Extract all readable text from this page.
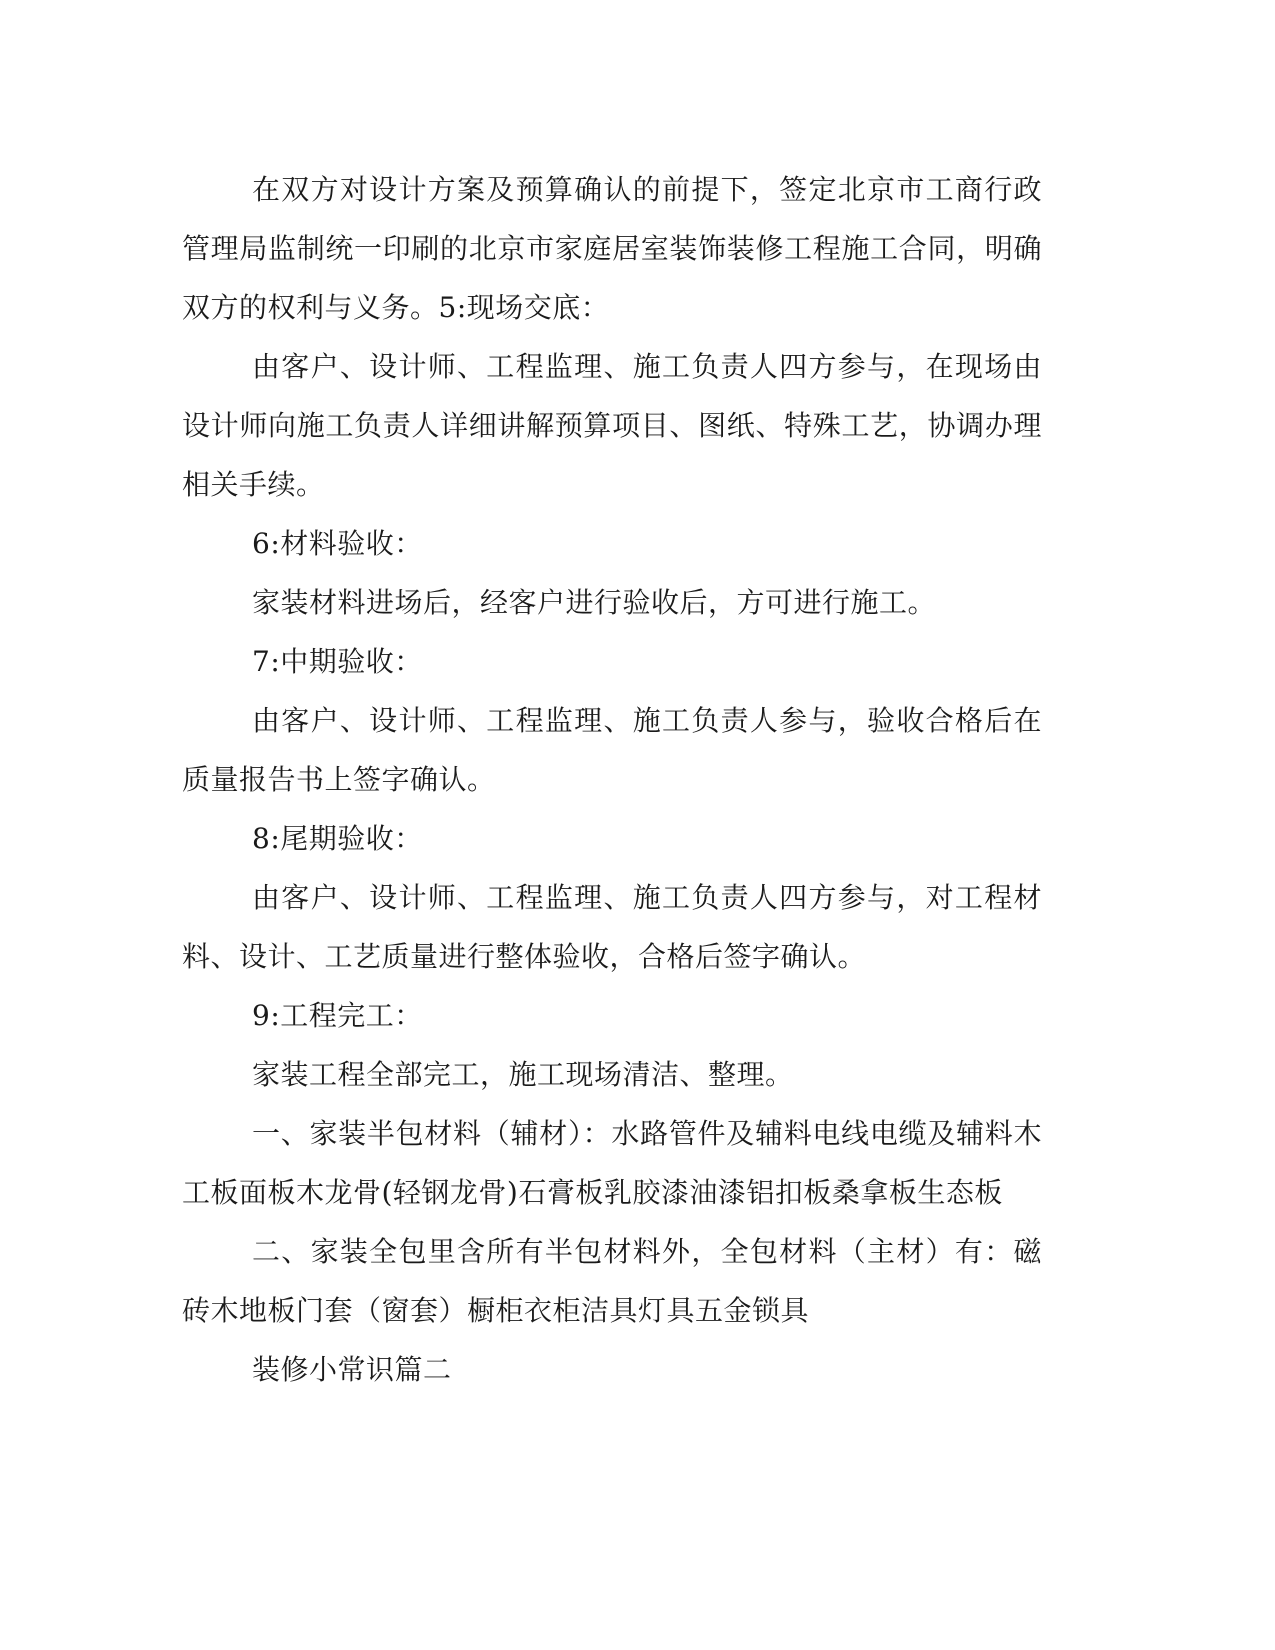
在双方对设计方案及预算确认的前提下，签定北京市工商行政管理局监制统一印刷的北京市家庭居室装饰装修工程施工合同，明确双方的权利与义务。5:现场交底：

由客户、设计师、工程监理、施工负责人四方参与，在现场由设计师向施工负责人详细讲解预算项目、图纸、特殊工艺，协调办理相关手续。

6:材料验收：

家装材料进场后，经客户进行验收后，方可进行施工。

7:中期验收：

由客户、设计师、工程监理、施工负责人参与，验收合格后在质量报告书上签字确认。

8:尾期验收：

由客户、设计师、工程监理、施工负责人四方参与，对工程材料、设计、工艺质量进行整体验收，合格后签字确认。

9:工程完工：

家装工程全部完工，施工现场清洁、整理。

一、家装半包材料（辅材）：水路管件及辅料电线电缆及辅料木工板面板木龙骨(轻钢龙骨)石膏板乳胶漆油漆铝扣板桑拿板生态板

二、家装全包里含所有半包材料外，全包材料（主材）有：磁砖木地板门套（窗套）橱柜衣柜洁具灯具五金锁具

装修小常识篇二
